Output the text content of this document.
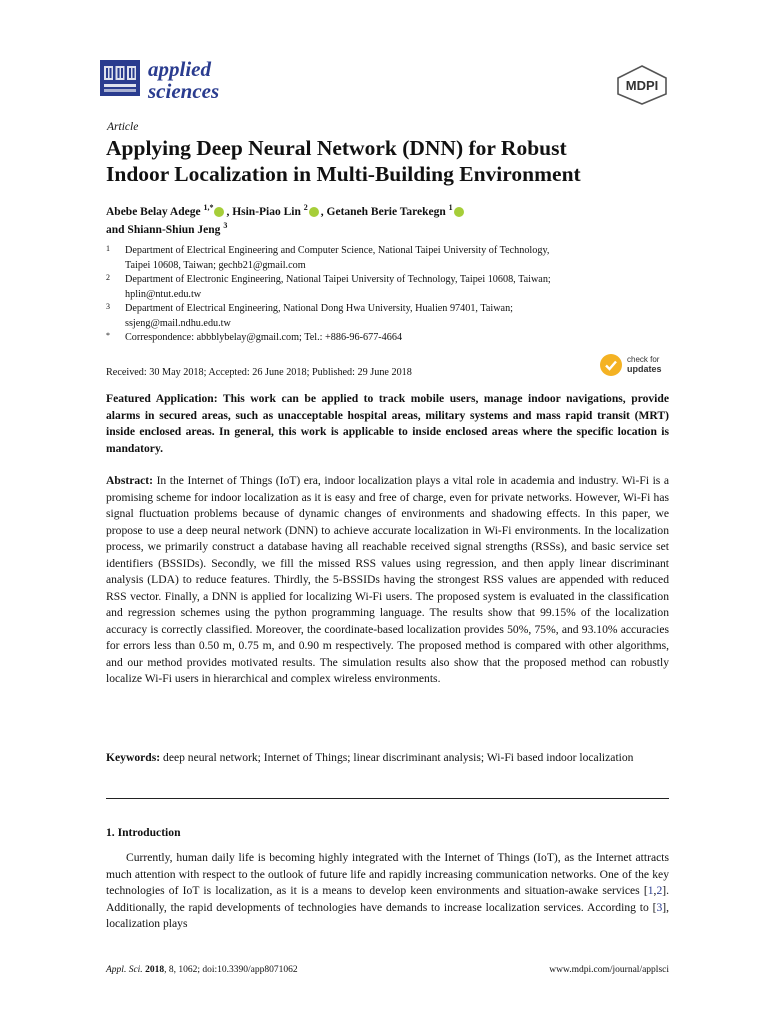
applied
sciences	MDPI
Article
Applying Deep Neural Network (DNN) for Robust
Indoor Localization in Multi-Building Environment
Abebe Belay Adege $^{1,*}$ , Hsin-Piao Lin $^2$ , Getaneh Berie Tarekegn $^1$
and Shiann-Shiun Jeng $^3$
1 Department of Electrical Engineering and Computer Science, National Taipei University of Technology,
Taipei 10608, Taiwan; gechb21@gmail.com
2 Department of Electronic Engineering, National Taipei University of Technology, Taipei 10608, Taiwan;
hplin@ntut.edu.tw
3 Department of Electrical Engineering, National Dong Hwa University, Hualien 97401, Taiwan;
ssjeng@mail.ndhu.edu.tw
* Correspondence: abbblybelay@gmail.com; Tel.: +886-96-677-4664
Received: 30 May 2018; Accepted: 26 June 2018; Published: 29 June 2018
check for
updates
Featured Application: This work can be applied to track mobile users, manage indoor navigations, provide alarms in secured areas, such as unacceptable hospital areas, military systems and mass rapid transit (MRT) inside enclosed areas. In general, this work is applicable to inside enclosed areas where the specific location is mandatory.
Abstract: In the Internet of Things (IoT) era, indoor localization plays a vital role in academia and industry. Wi-Fi is a promising scheme for indoor localization as it is easy and free of charge, even for private networks. However, Wi-Fi has signal fluctuation problems because of dynamic changes of environments and shadowing effects. In this paper, we propose to use a deep neural network (DNN) to achieve accurate localization in Wi-Fi environments. In the localization process, we primarily construct a database having all reachable received signal strengths (RSSs), and basic service set identifiers (BSSIDs). Secondly, we fill the missed RSS values using regression, and then apply linear discriminant analysis (LDA) to reduce features. Thirdly, the 5-BSSIDs having the strongest RSS values are appended with reduced RSS vector. Finally, a DNN is applied for localizing Wi-Fi users. The proposed system is evaluated in the classification and regression schemes using the python programming language. The results show that 99.15% of the localization accuracy is correctly classified. Moreover, the coordinate-based localization provides 50%, 75%, and 93.10% accuracies for errors less than 0.50 m, 0.75 m, and 0.90 m respectively. The proposed method is compared with other algorithms, and our method provides motivated results. The simulation results also show that the proposed method can robustly localize Wi-Fi users in hierarchical and complex wireless environments.
Keywords: deep neural network; Internet of Things; linear discriminant analysis; Wi-Fi based indoor localization
1. Introduction
Currently, human daily life is becoming highly integrated with the Internet of Things (IoT), as the Internet attracts much attention with respect to the outlook of future life and rapidly increasing communication networks. One of the key technologies of IoT is localization, as it is a means to develop keen environments and situation-awake services [1,2]. Additionally, the rapid developments of technologies have demands to increase localization services. According to [3], localization plays
Appl. Sci. 2018, 8, 1062; doi:10.3390/app8071062	www.mdpi.com/journal/applsci
